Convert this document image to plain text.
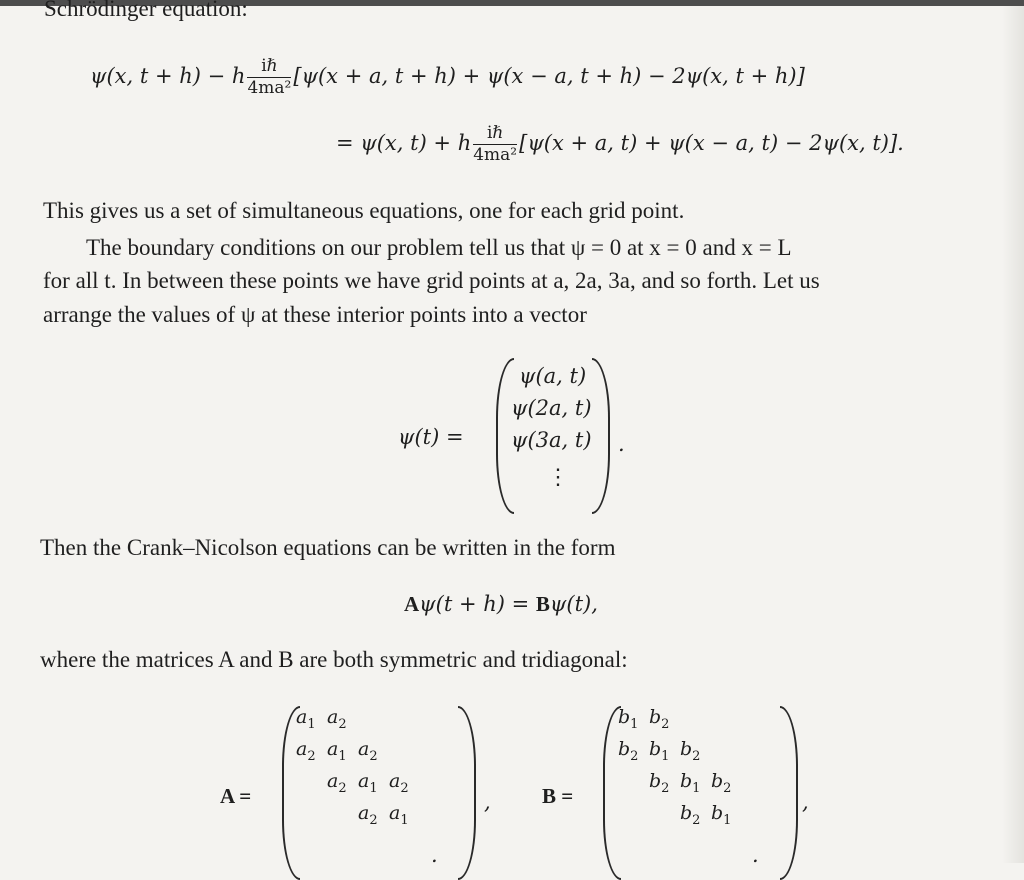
Schrödinger equation:
ψ(x, t + h) − h $\frac{\text{iℏ}}{\text{4ma²}} [\psi(x + a$, t + h) + ψ(x − a, t + h) − 2ψ(x, t + h)]
= ψ(x, t) + h $\frac{\text{iℏ}}{\text{4ma²}} [\psi(x + a$, t) + ψ(x − a, t) − 2ψ(x, t)].
This gives us a set of simultaneous equations, one for each grid point.
The boundary conditions on our problem tell us that ψ = 0 at x = 0 and x = L
for all t. In between these points we have grid points at a, 2a, 3a, and so forth. Let us
arrange the values of ψ at these interior points into a vector
ψ(t) =
ψ(a, t)
ψ(2a, t)
ψ(3a, t)
⋮
.
Then the Crank–Nicolson equations can be written in the form
Aψ(t + h) = Bψ(t),
where the matrices A and B are both symmetric and tridiagonal:
A =
$a_1$ $a_2$
$a_2$ $a_1$ $a_2$
$a_2$ $a_1$ $a_2$
$a_2$ $a_1$
, B =
$b_1$ $b_2$
$b_2$ $b_1$ $b_2$
$b_2$ $b_1$ $b_2$
$b_2$ $b_1$
,
.	.
